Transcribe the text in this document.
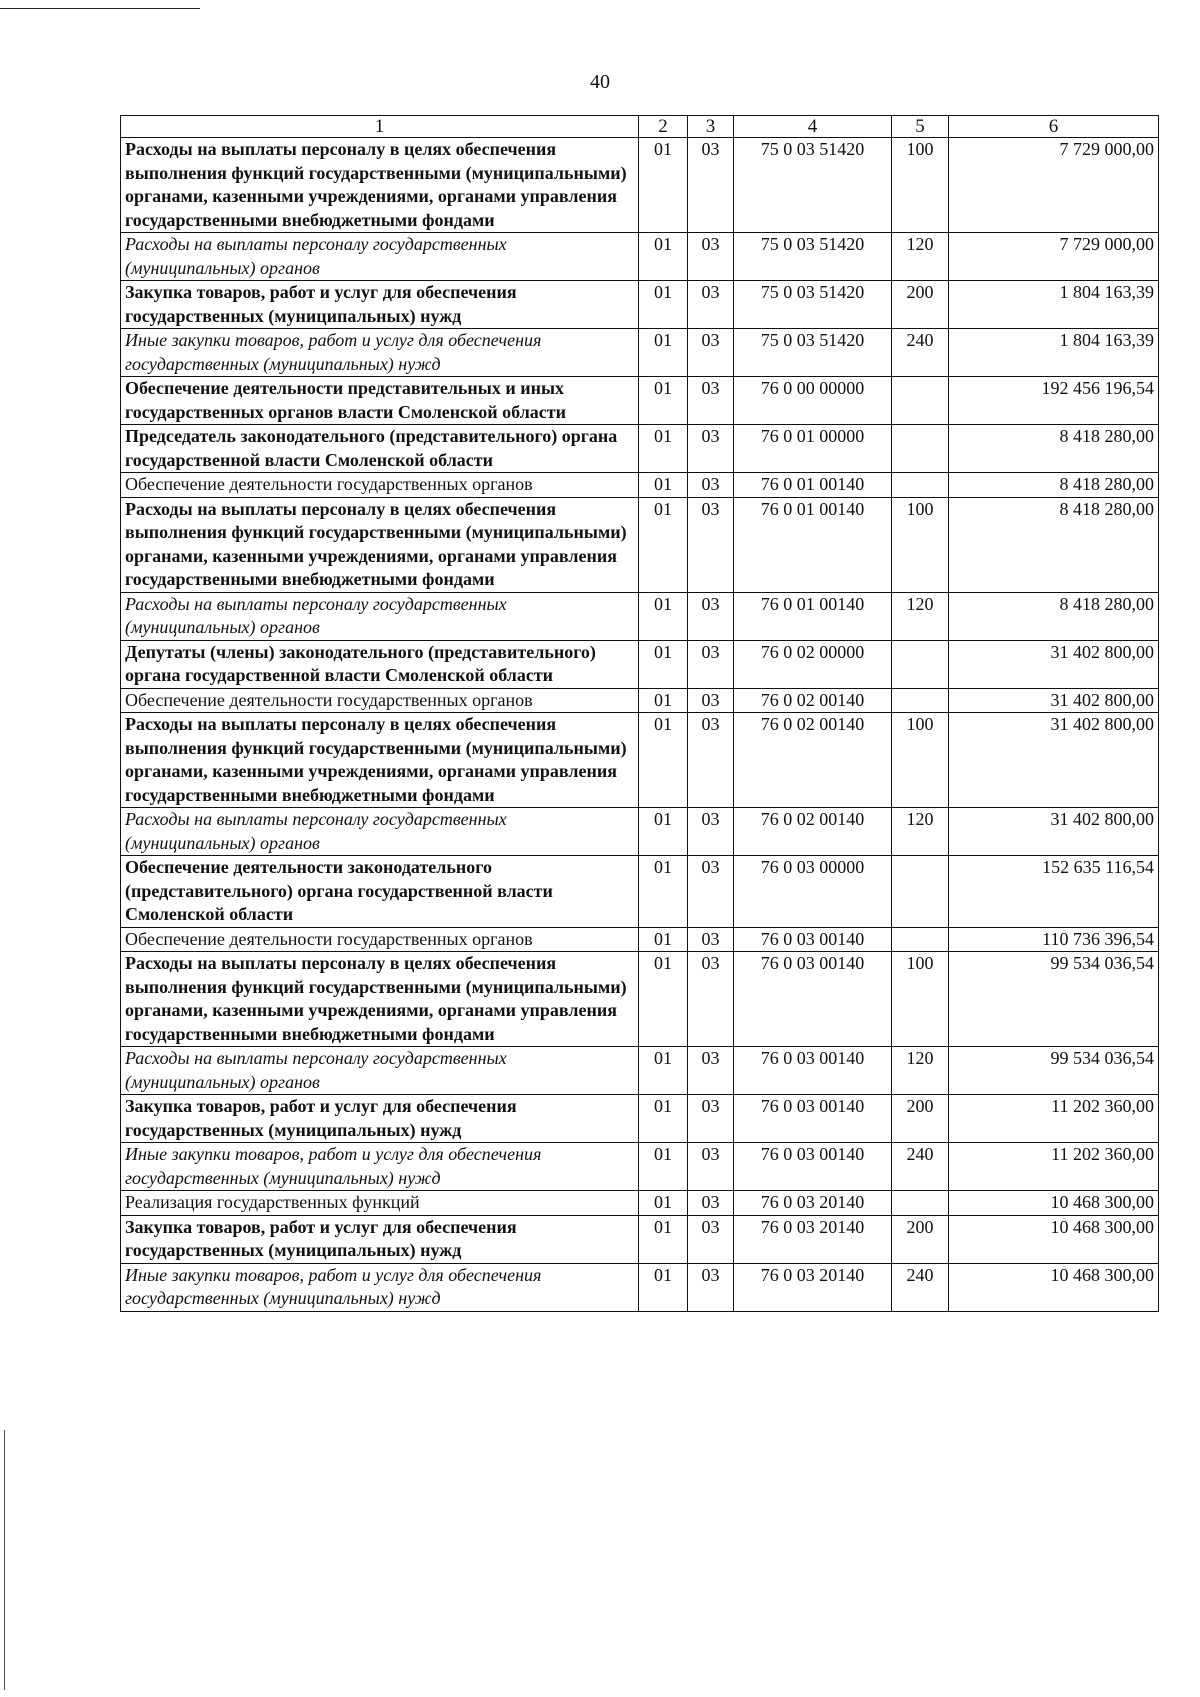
40
1	2	3	4	5	6
Расходы на выплаты персоналу в целях обеспечения выполнения функций государственными (муниципальными) органами, казенными учреждениями, органами управления государственными внебюджетными фондами	01	03	75 0 03 51420	100	7 729 000,00
Расходы на выплаты персоналу государственных (муниципальных) органов	01	03	75 0 03 51420	120	7 729 000,00
Закупка товаров, работ и услуг для обеспечения государственных (муниципальных) нужд	01	03	75 0 03 51420	200	1 804 163,39
Иные закупки товаров, работ и услуг для обеспечения государственных (муниципальных) нужд	01	03	75 0 03 51420	240	1 804 163,39
Обеспечение деятельности представительных и иных государственных органов власти Смоленской области	01	03	76 0 00 00000		192 456 196,54
Председатель законодательного (представительного) органа государственной власти Смоленской области	01	03	76 0 01 00000		8 418 280,00
Обеспечение деятельности государственных органов	01	03	76 0 01 00140		8 418 280,00
Расходы на выплаты персоналу в целях обеспечения выполнения функций государственными (муниципальными) органами, казенными учреждениями, органами управления государственными внебюджетными фондами	01	03	76 0 01 00140	100	8 418 280,00
Расходы на выплаты персоналу государственных (муниципальных) органов	01	03	76 0 01 00140	120	8 418 280,00
Депутаты (члены) законодательного (представительного) органа государственной власти Смоленской области	01	03	76 0 02 00000		31 402 800,00
Обеспечение деятельности государственных органов	01	03	76 0 02 00140		31 402 800,00
Расходы на выплаты персоналу в целях обеспечения выполнения функций государственными (муниципальными) органами, казенными учреждениями, органами управления государственными внебюджетными фондами	01	03	76 0 02 00140	100	31 402 800,00
Расходы на выплаты персоналу государственных (муниципальных) органов	01	03	76 0 02 00140	120	31 402 800,00
Обеспечение деятельности законодательного (представительного) органа государственной власти Смоленской области	01	03	76 0 03 00000		152 635 116,54
Обеспечение деятельности государственных органов	01	03	76 0 03 00140		110 736 396,54
Расходы на выплаты персоналу в целях обеспечения выполнения функций государственными (муниципальными) органами, казенными учреждениями, органами управления государственными внебюджетными фондами	01	03	76 0 03 00140	100	99 534 036,54
Расходы на выплаты персоналу государственных (муниципальных) органов	01	03	76 0 03 00140	120	99 534 036,54
Закупка товаров, работ и услуг для обеспечения государственных (муниципальных) нужд	01	03	76 0 03 00140	200	11 202 360,00
Иные закупки товаров, работ и услуг для обеспечения государственных (муниципальных) нужд	01	03	76 0 03 00140	240	11 202 360,00
Реализация государственных функций	01	03	76 0 03 20140		10 468 300,00
Закупка товаров, работ и услуг для обеспечения государственных (муниципальных) нужд	01	03	76 0 03 20140	200	10 468 300,00
Иные закупки товаров, работ и услуг для обеспечения государственных (муниципальных) нужд	01	03	76 0 03 20140	240	10 468 300,00
